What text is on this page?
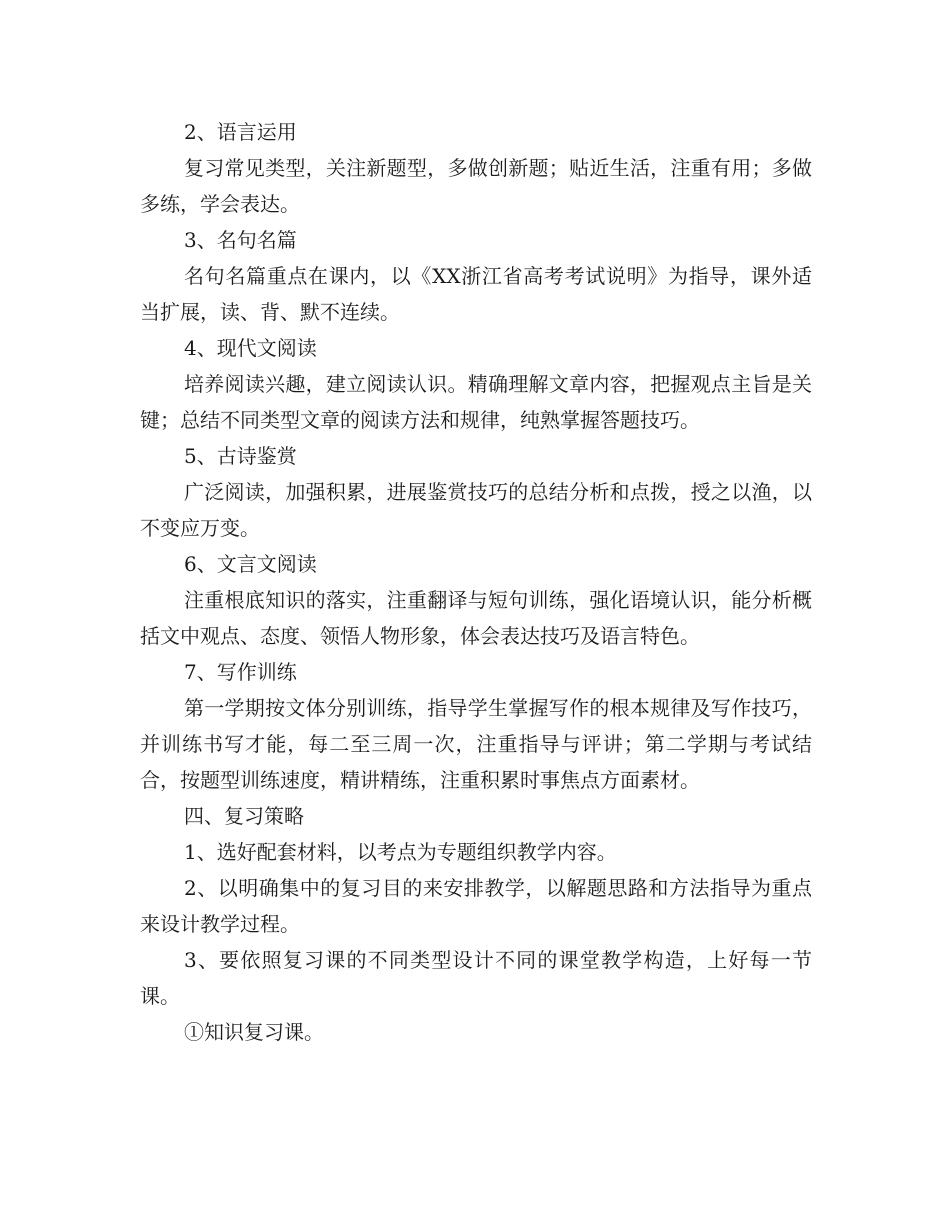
2、语言运用

复习常见类型，关注新题型，多做创新题；贴近生活，注重有用；多做多练，学会表达。

3、名句名篇

名句名篇重点在课内，以《XX浙江省高考考试说明》为指导，课外适当扩展，读、背、默不连续。

4、现代文阅读

培养阅读兴趣，建立阅读认识。精确理解文章内容，把握观点主旨是关键；总结不同类型文章的阅读方法和规律，纯熟掌握答题技巧。

5、古诗鉴赏

广泛阅读，加强积累，进展鉴赏技巧的总结分析和点拨，授之以渔，以不变应万变。

6、文言文阅读

注重根底知识的落实，注重翻译与短句训练，强化语境认识，能分析概括文中观点、态度、领悟人物形象，体会表达技巧及语言特色。

7、写作训练

第一学期按文体分别训练，指导学生掌握写作的根本规律及写作技巧，并训练书写才能，每二至三周一次，注重指导与评讲；第二学期与考试结合，按题型训练速度，精讲精练，注重积累时事焦点方面素材。

四、复习策略

1、选好配套材料，以考点为专题组织教学内容。

2、以明确集中的复习目的来安排教学，以解题思路和方法指导为重点来设计教学过程。

3、要依照复习课的不同类型设计不同的课堂教学构造，上好每一节课。

①知识复习课。
